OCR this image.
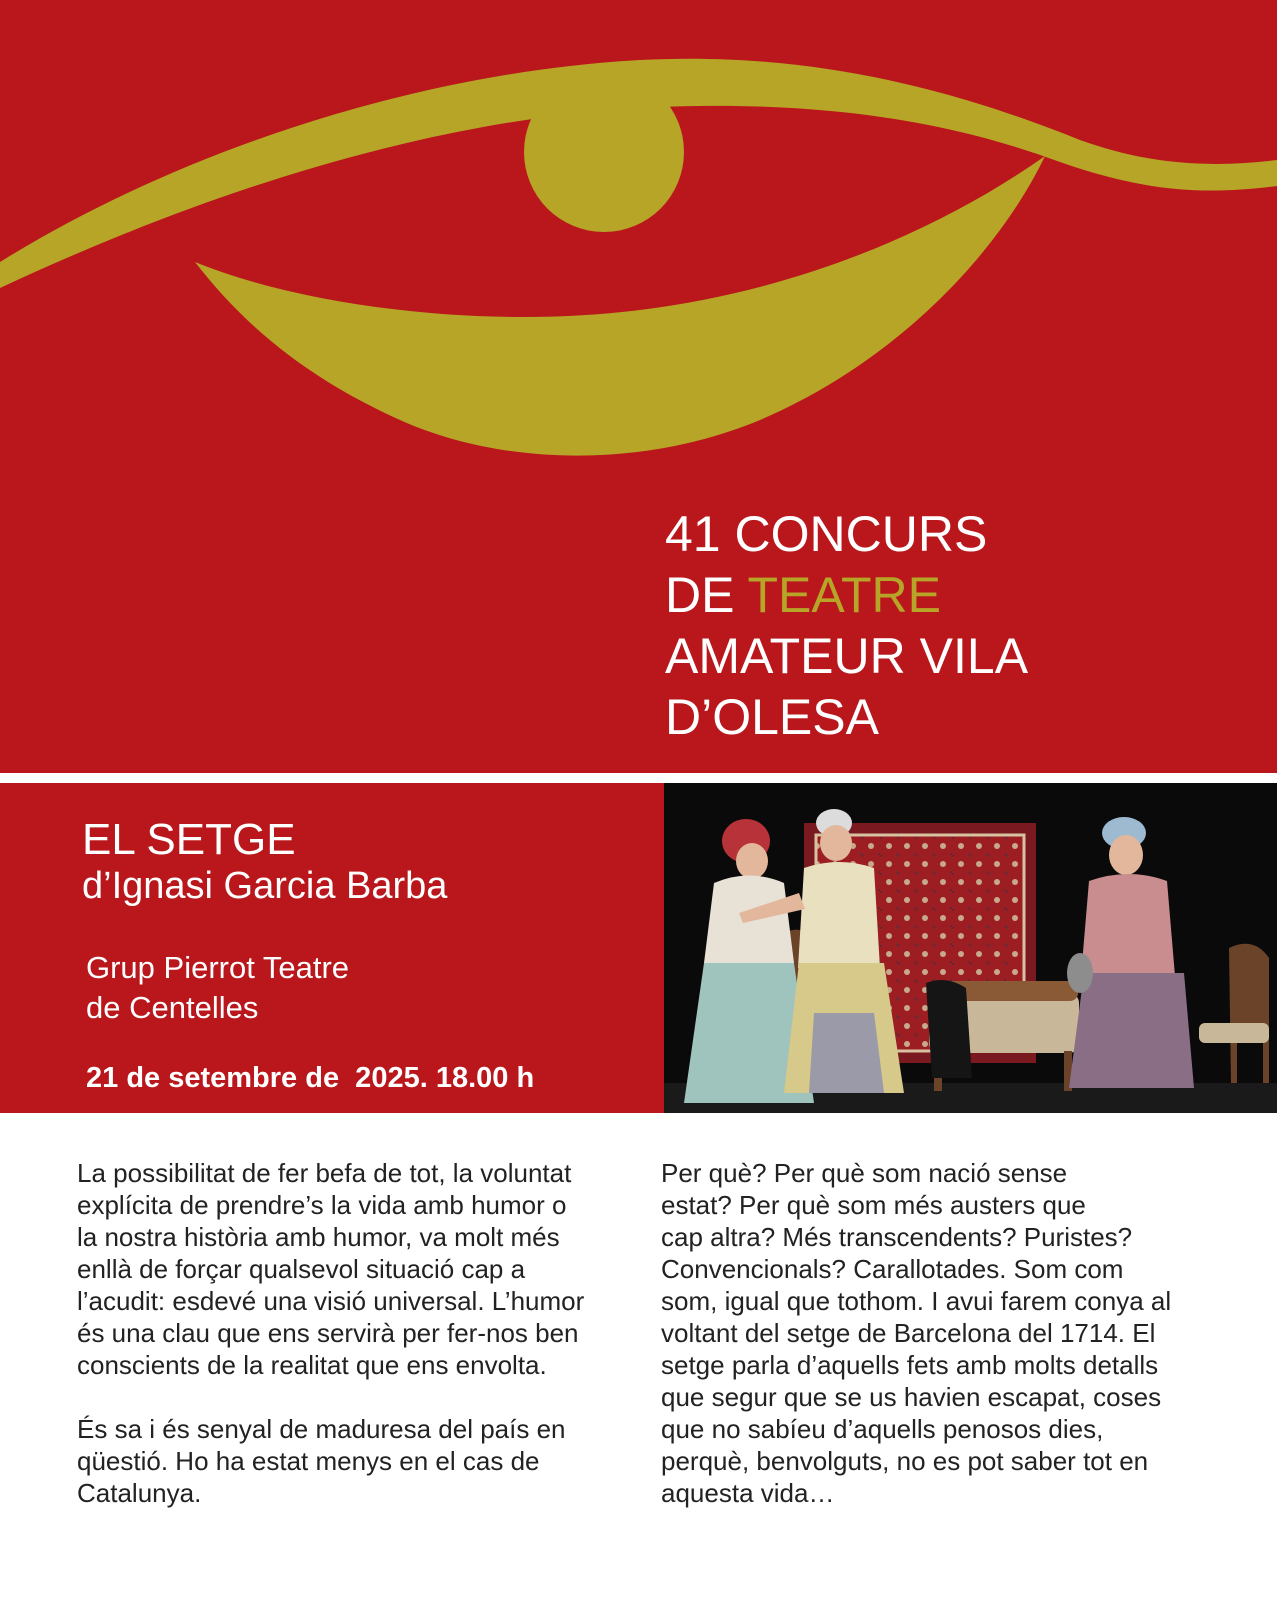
41 CONCURS
DE TEATRE
AMATEUR VILA
D’OLESA
EL SETGE
d’Ignasi Garcia Barba
Grup Pierrot Teatre
de Centelles
21 de setembre de  2025. 18.00 h

La possibilitat de fer befa de tot, la voluntat
explícita de prendre’s la vida amb humor o
la nostra història amb humor, va molt més
enllà de forçar qualsevol situació cap a
l’acudit: esdevé una visió universal. L’humor
és una clau que ens servirà per fer-nos ben
conscients de la realitat que ens envolta.

És sa i és senyal de maduresa del país en
qüestió. Ho ha estat menys en el cas de
Catalunya.

Per què? Per què som nació sense
estat? Per què som més austers que
cap altra? Més transcendents? Puristes?
Convencionals? Carallotades. Som com
som, igual que tothom. I avui farem conya al
voltant del setge de Barcelona del 1714. El
setge parla d’aquells fets amb molts detalls
que segur que se us havien escapat, coses
que no sabíeu d’aquells penosos dies,
perquè, benvolguts, no es pot saber tot en
aquesta vida…
